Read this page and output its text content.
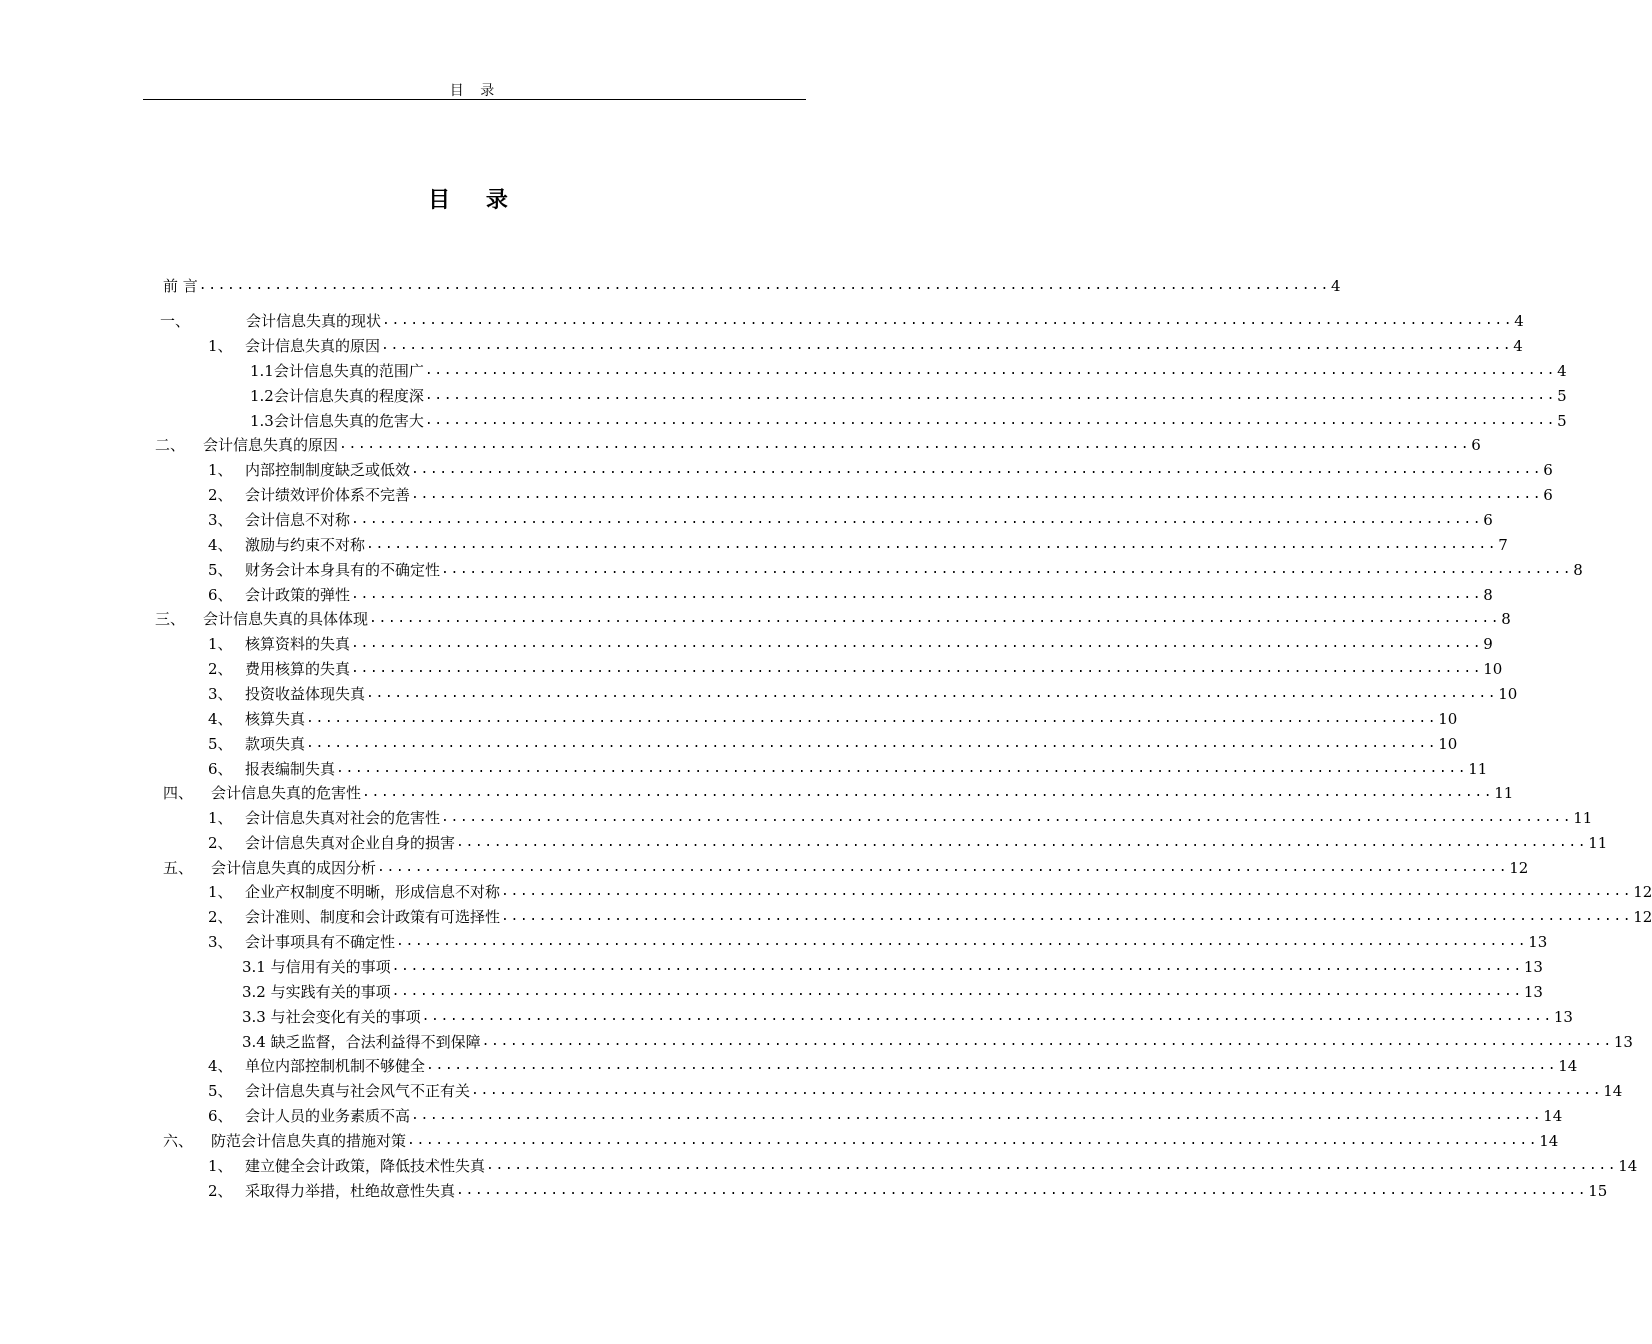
目 录
目 录
前 言 ........................................................................................................................ 4
一、	会计信息失真的现状 ........................................................................................................................ 4
1、 会计信息失真的原因 ........................................................................................................................ 4
1.1会计信息失真的范围广 ........................................................................................................................ 4
1.2会计信息失真的程度深 ........................................................................................................................ 5
1.3会计信息失真的危害大 ........................................................................................................................ 5
二、	会计信息失真的原因 ........................................................................................................................ 6
1、 内部控制制度缺乏或低效 ........................................................................................................................ 6
2、 会计绩效评价体系不完善 ........................................................................................................................ 6
3、 会计信息不对称 ........................................................................................................................ 6
4、 激励与约束不对称 ........................................................................................................................ 7
5、 财务会计本身具有的不确定性 ........................................................................................................................ 8
6、 会计政策的弹性 ........................................................................................................................ 8
三、	会计信息失真的具体体现 ........................................................................................................................ 8
1、 核算资料的失真 ........................................................................................................................ 9
2、 费用核算的失真 ........................................................................................................................ 10
3、 投资收益体现失真 ........................................................................................................................ 10
4、 核算失真 ........................................................................................................................ 10
5、 款项失真 ........................................................................................................................ 10
6、 报表编制失真 ........................................................................................................................ 11
四、	会计信息失真的危害性 ........................................................................................................................ 11
1、 会计信息失真对社会的危害性 ........................................................................................................................ 11
2、 会计信息失真对企业自身的损害 ........................................................................................................................ 11
五、	会计信息失真的成因分析 ........................................................................................................................ 12
1、 企业产权制度不明晰，形成信息不对称 ........................................................................................................................ 12
2、 会计准则、制度和会计政策有可选择性 ........................................................................................................................ 12
3、 会计事项具有不确定性 ........................................................................................................................ 13
3.1 与信用有关的事项 ........................................................................................................................ 13
3.2 与实践有关的事项 ........................................................................................................................ 13
3.3 与社会变化有关的事项 ........................................................................................................................ 13
3.4 缺乏监督，合法利益得不到保障 ........................................................................................................................ 13
4、 单位内部控制机制不够健全 ........................................................................................................................ 14
5、 会计信息失真与社会风气不正有关 ........................................................................................................................ 14
6、 会计人员的业务素质不高 ........................................................................................................................ 14
六、	防范会计信息失真的措施对策 ........................................................................................................................ 14
1、 建立健全会计政策，降低技术性失真 ........................................................................................................................ 14
2、 采取得力举措，杜绝故意性失真 ........................................................................................................................ 15
